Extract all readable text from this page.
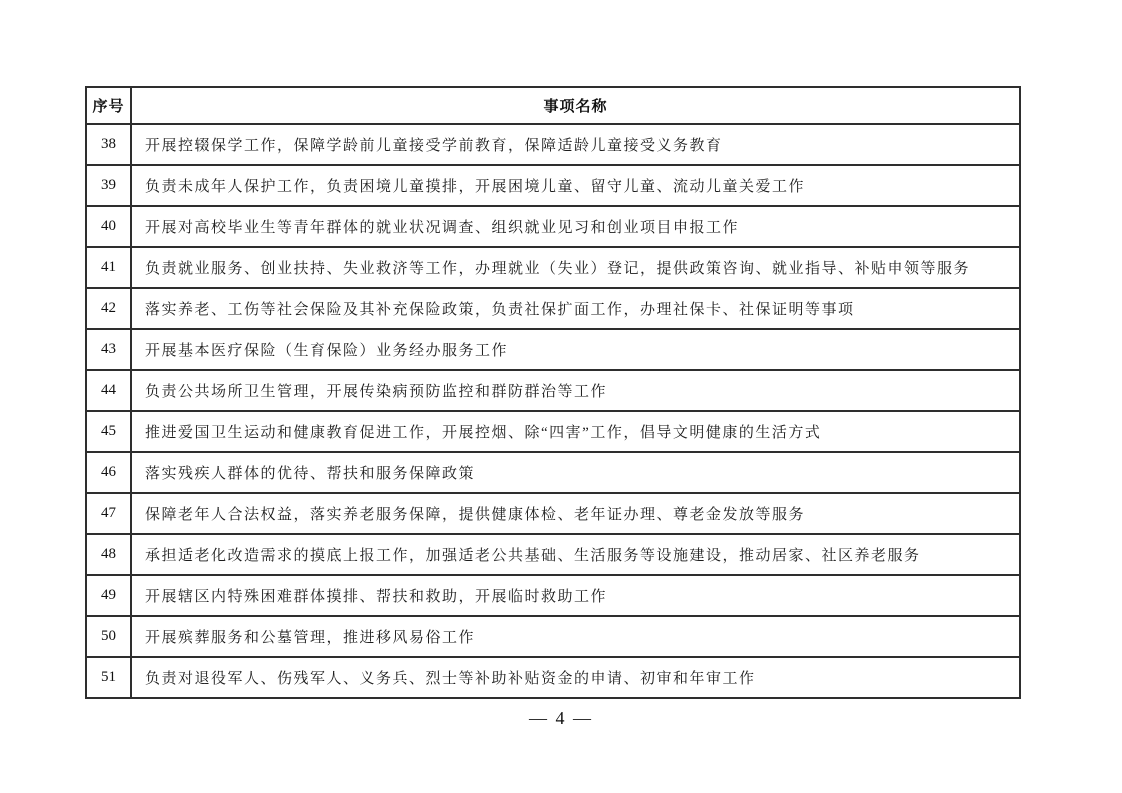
序号	事项名称
38	开展控辍保学工作，保障学龄前儿童接受学前教育，保障适龄儿童接受义务教育
39	负责未成年人保护工作，负责困境儿童摸排，开展困境儿童、留守儿童、流动儿童关爱工作
40	开展对高校毕业生等青年群体的就业状况调查、组织就业见习和创业项目申报工作
41	负责就业服务、创业扶持、失业救济等工作，办理就业（失业）登记，提供政策咨询、就业指导、补贴申领等服务
42	落实养老、工伤等社会保险及其补充保险政策，负责社保扩面工作，办理社保卡、社保证明等事项
43	开展基本医疗保险（生育保险）业务经办服务工作
44	负责公共场所卫生管理，开展传染病预防监控和群防群治等工作
45	推进爱国卫生运动和健康教育促进工作，开展控烟、除“四害”工作，倡导文明健康的生活方式
46	落实残疾人群体的优待、帮扶和服务保障政策
47	保障老年人合法权益，落实养老服务保障，提供健康体检、老年证办理、尊老金发放等服务
48	承担适老化改造需求的摸底上报工作，加强适老公共基础、生活服务等设施建设，推动居家、社区养老服务
49	开展辖区内特殊困难群体摸排、帮扶和救助，开展临时救助工作
50	开展殡葬服务和公墓管理，推进移风易俗工作
51	负责对退役军人、伤残军人、义务兵、烈士等补助补贴资金的申请、初审和年审工作
— 4 —
